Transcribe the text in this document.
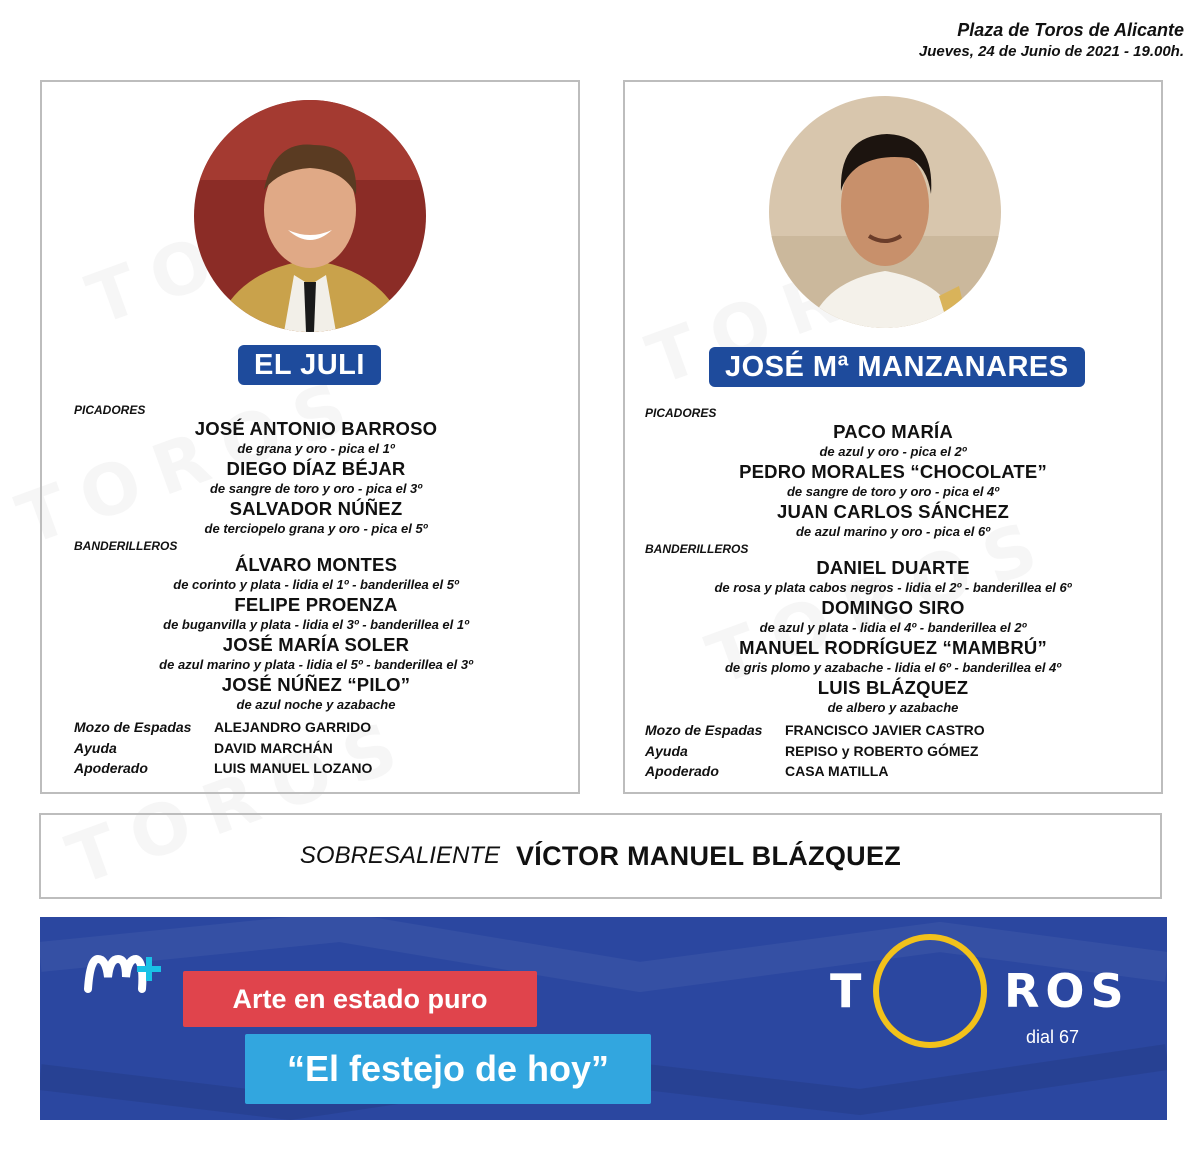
Plaza de Toros de Alicante
Jueves, 24 de Junio de 2021 - 19.00h.
EL JULI
PICADORES
JOSÉ ANTONIO BARROSO
de grana y oro - pica el 1º
DIEGO DÍAZ BÉJAR
de sangre de toro y oro - pica el 3º
SALVADOR NÚÑEZ
de terciopelo grana y oro - pica el 5º
BANDERILLEROS
ÁLVARO MONTES
de corinto y plata - lidia el 1º - banderillea el 5º
FELIPE PROENZA
de buganvilla y plata - lidia el 3º - banderillea el 1º
JOSÉ MARÍA SOLER
de azul marino y plata - lidia el 5º - banderillea el 3º
JOSÉ NÚÑEZ “PILO”
de azul noche y azabache
Mozo de Espadas	ALEJANDRO GARRIDO
Ayuda	DAVID MARCHÁN
Apoderado	LUIS MANUEL LOZANO
JOSÉ Mª MANZANARES
PICADORES
PACO MARÍA
de azul y oro - pica el 2º
PEDRO MORALES “CHOCOLATE”
de sangre de toro y oro - pica el 4º
JUAN CARLOS SÁNCHEZ
de azul marino y oro - pica el 6º
BANDERILLEROS
DANIEL DUARTE
de rosa y plata cabos negros - lidia el 2º - banderillea el 6º
DOMINGO SIRO
de azul y plata - lidia el 4º - banderillea el 2º
MANUEL RODRÍGUEZ “MAMBRÚ”
de gris plomo y azabache - lidia el 6º - banderillea el 4º
LUIS BLÁZQUEZ
de albero y azabache
Mozo de Espadas	FRANCISCO JAVIER CASTRO
Ayuda	REPISO y ROBERTO GÓMEZ
Apoderado	CASA MATILLA
SOBRESALIENTE VÍCTOR MANUEL BLÁZQUEZ
Arte en estado puro
“El festejo de hoy”
T	ROS
dial 67
